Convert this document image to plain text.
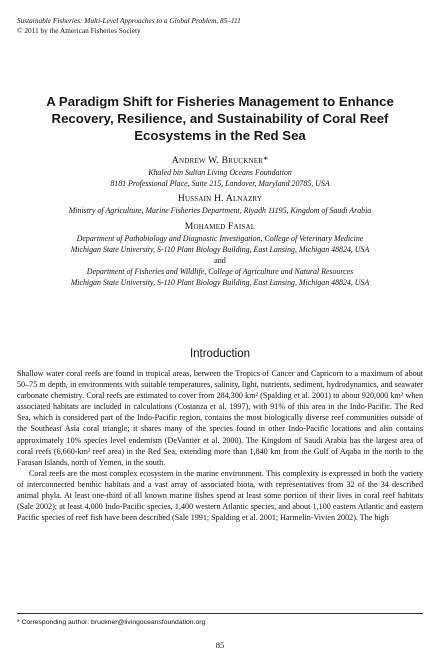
Sustainable Fisheries: Multi-Level Approaches to a Global Problem, 85–111
© 2011 by the American Fisheries Society
A Paradigm Shift for Fisheries Management to Enhance Recovery, Resilience, and Sustainability of Coral Reef Ecosystems in the Red Sea
Andrew W. Bruckner*
Khaled bin Sultan Living Oceans Foundation
8181 Professional Place, Suite 215, Landover, Maryland 20785, USA
Hussain H. Alnazry
Ministry of Agriculture, Marine Fisheries Department, Riyadh 11195, Kingdom of Saudi Arabia
Mohamed Faisal
Department of Pathobiology and Diagnostic Investigation, College of Veterinary Medicine
Michigan State University, S-110 Plant Biology Building, East Lansing, Michigan 48824, USA
and
Department of Fisheries and Wildlife, College of Agriculture and Natural Resources
Michigan State University, S-110 Plant Biology Building, East Lansing, Michigan 48824, USA
Introduction

Shallow water coral reefs are found in tropical areas, between the Tropics of Cancer and Capricorn to a maximum of about 50–75 m depth, in environments with suitable temperatures, salinity, light, nutrients, sediment, hydrodynamics, and seawater carbonate chemistry. Coral reefs are estimated to cover from 284,300 km² (Spalding et al. 2001) to about 920,000 km² when associated habitats are included in calculations (Costanza et al. 1997), with 91% of this area in the Indo-Pacific. The Red Sea, which is considered part of the Indo-Pacific region, contains the most biologically diverse reef communities outside of the Southeast Asia coral triangle; it shares many of the species found in other Indo-Pacific locations and also contains approximately 10% species level endemism (DeVantier et al. 2000). The Kingdom of Saudi Arabia has the largest area of coral reefs (6,660-km² reef area) in the Red Sea, extending more than 1,840 km from the Gulf of Aqaba in the north to the Farasan Islands, north of Yemen, in the south.

Coral reefs are the most complex ecosystem in the marine environment. This complexity is expressed in both the variety of interconnected benthic habitats and a vast array of associated biota, with representatives from 32 of the 34 described animal phyla. At least one-third of all known marine fishes spend at least some portion of their lives in coral reef habitats (Sale 2002); at least 4,000 Indo-Pacific species, 1,400 western Atlantic species, and about 1,100 eastern Atlantic and eastern Pacific species of reef fish have been described (Sale 1991; Spalding et al. 2001; Harmelin-Vivien 2002). The high

* Corresponding author: bruckner@livingoceansfoundation.org
85
